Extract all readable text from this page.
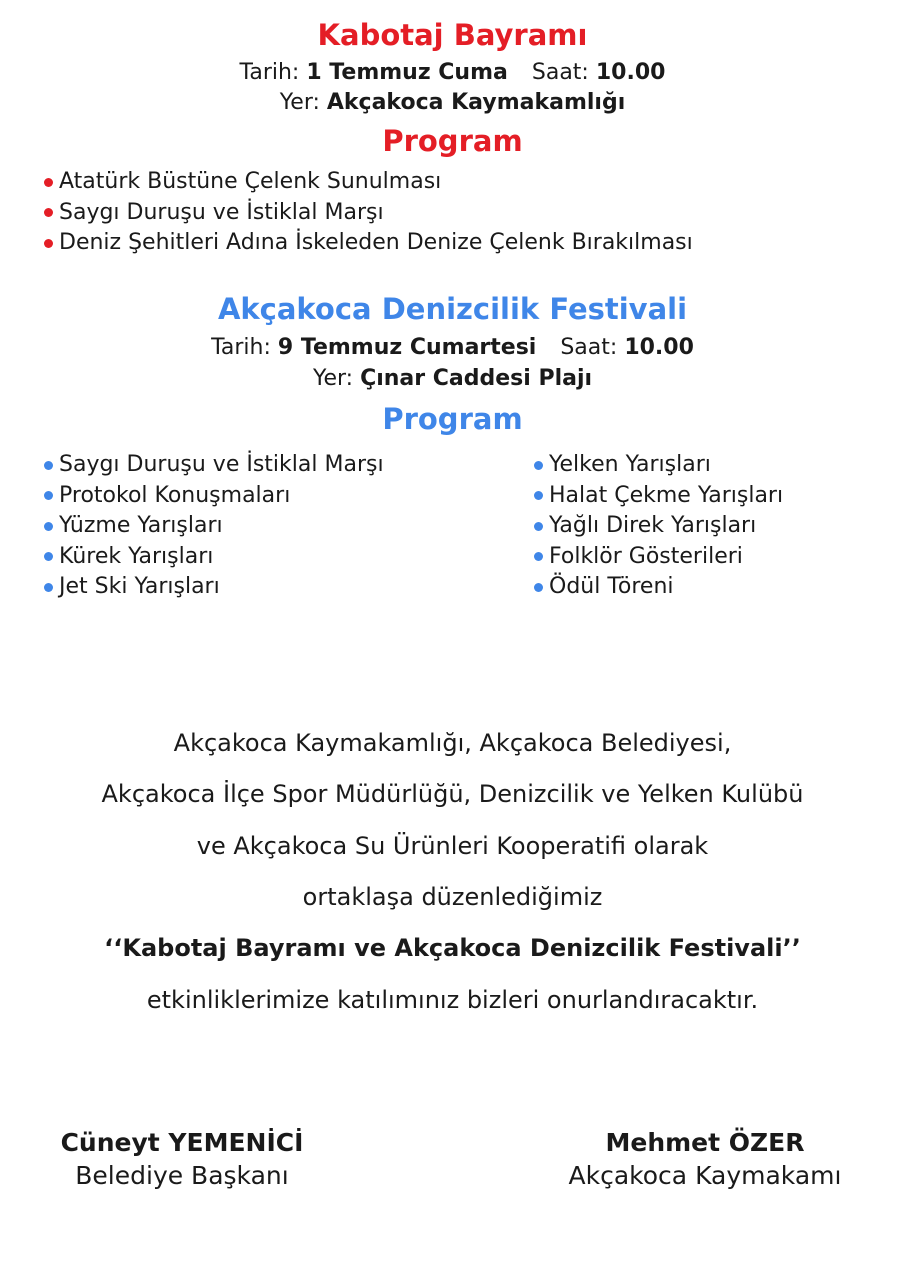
Kabotaj Bayramı
Tarih: 1 Temmuz Cuma Saat: 10.00
Yer: Akçakoca Kaymakamlığı
Program
Atatürk Büstüne Çelenk Sunulması
Saygı Duruşu ve İstiklal Marşı
Deniz Şehitleri Adına İskeleden Denize Çelenk Bırakılması
Akçakoca Denizcilik Festivali
Tarih: 9 Temmuz Cumartesi Saat: 10.00
Yer: Çınar Caddesi Plajı
Program
Saygı Duruşu ve İstiklal Marşı
Protokol Konuşmaları
Yüzme Yarışları
Kürek Yarışları
Jet Ski Yarışları
Yelken Yarışları
Halat Çekme Yarışları
Yağlı Direk Yarışları
Folklör Gösterileri
Ödül Töreni
Akçakoca Kaymakamlığı, Akçakoca Belediyesi,
Akçakoca İlçe Spor Müdürlüğü, Denizcilik ve Yelken Kulübü
ve Akçakoca Su Ürünleri Kooperatifi olarak
ortaklaşa düzenlediğimiz
‘‘Kabotaj Bayramı ve Akçakoca Denizcilik Festivali’’
etkinliklerimize katılımınız bizleri onurlandıracaktır.
Cüneyt YEMENİCİ
Belediye Başkanı
Mehmet ÖZER
Akçakoca Kaymakamı
